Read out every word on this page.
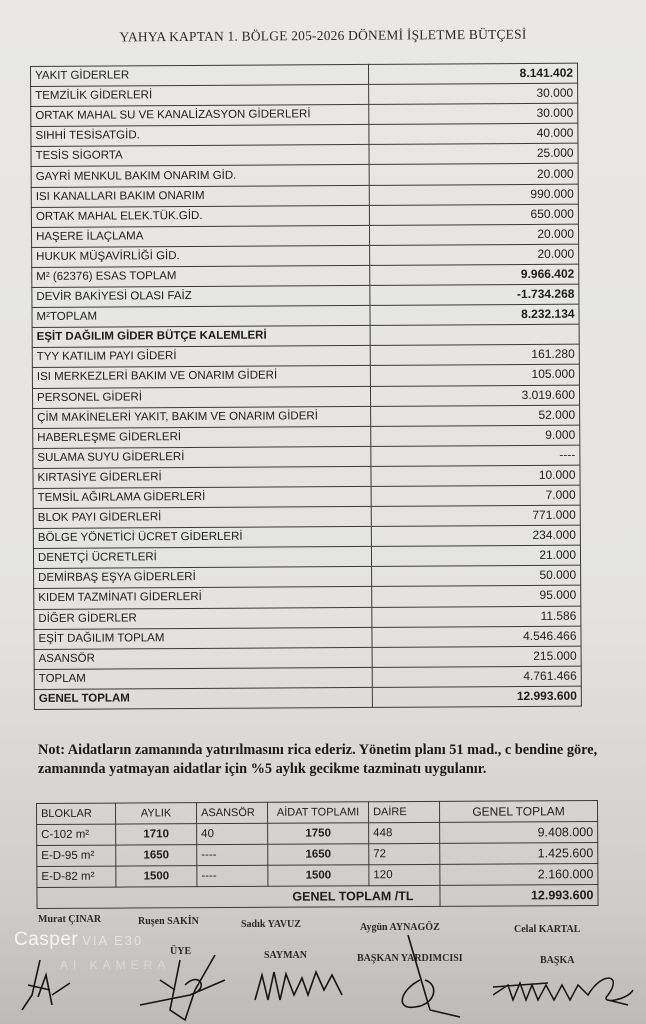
YAHYA KAPTAN 1. BÖLGE 205-2026 DÖNEMİ İŞLETME BÜTÇESİ
YAKIT GİDERLER	8.141.402
TEMZİLİK GİDERLERİ	30.000
ORTAK MAHAL SU VE KANALİZASYON GİDERLERİ	30.000
SIHHİ TESİSATGİD.	40.000
TESİS SİGORTA	25.000
GAYRİ MENKUL BAKIM ONARIM GİD.	20.000
ISI KANALLARI BAKIM ONARIM	990.000
ORTAK MAHAL ELEK.TÜK.GİD.	650.000
HAŞERE İLAÇLAMA	20.000
HUKUK MÜŞAVİRLİĞİ GİD.	20.000
M² (62376) ESAS TOPLAM	9.966.402
DEVİR BAKİYESİ OLASI FAİZ	-1.734.268
M²TOPLAM	8.232.134
EŞİT DAĞILIM GİDER BÜTÇE KALEMLERİ	
TYY KATILIM PAYI GİDERİ	161.280
ISI MERKEZLERİ BAKIM VE ONARIM GİDERİ	105.000
PERSONEL GİDERİ	3.019.600
ÇİM MAKİNELERİ YAKIT, BAKIM VE ONARIM GİDERİ	52.000
HABERLEŞME GİDERLERİ	9.000
SULAMA SUYU GİDERLERİ	----
KIRTASİYE GİDERLERİ	10.000
TEMSİL AĞIRLAMA GİDERLERİ	7.000
BLOK PAYI GİDERLERİ	771.000
BÖLGE YÖNETİCİ ÜCRET GİDERLERİ	234.000
DENETÇİ ÜCRETLERİ	21.000
DEMİRBAŞ EŞYA GİDERLERİ	50.000
KIDEM TAZMİNATI GİDERLERİ	95.000
DİĞER GİDERLER	11.586
EŞİT DAĞILIM TOPLAM	4.546.466
ASANSÖR	215.000
TOPLAM	4.761.466
GENEL TOPLAM	12.993.600
Not: Aidatların zamanında yatırılmasını rica ederiz. Yönetim planı 51 mad., c bendine göre, zamanında yatmayan aidatlar için %5 aylık gecikme tazminatı uygulanır.
BLOKLAR	AYLIK	ASANSÖR	AİDAT TOPLAMI	DAİRE	GENEL TOPLAM
C-102 m²	1710	40	1750	448	9.408.000
E-D-95 m²	1650	----	1650	72	1.425.600
E-D-82 m²	1500	----	1500	120	2.160.000
GENEL TOPLAM /TL					12.993.600
Murat ÇINAR	Ruşen SAKİN	Sadık YAVUZ	Aygün AYNAGÖZ	Celal KARTAL
ÜYE	SAYMAN	BAŞKAN YARDIMCISI	BAŞKA
Casper VIA E30
AI KAMERA
